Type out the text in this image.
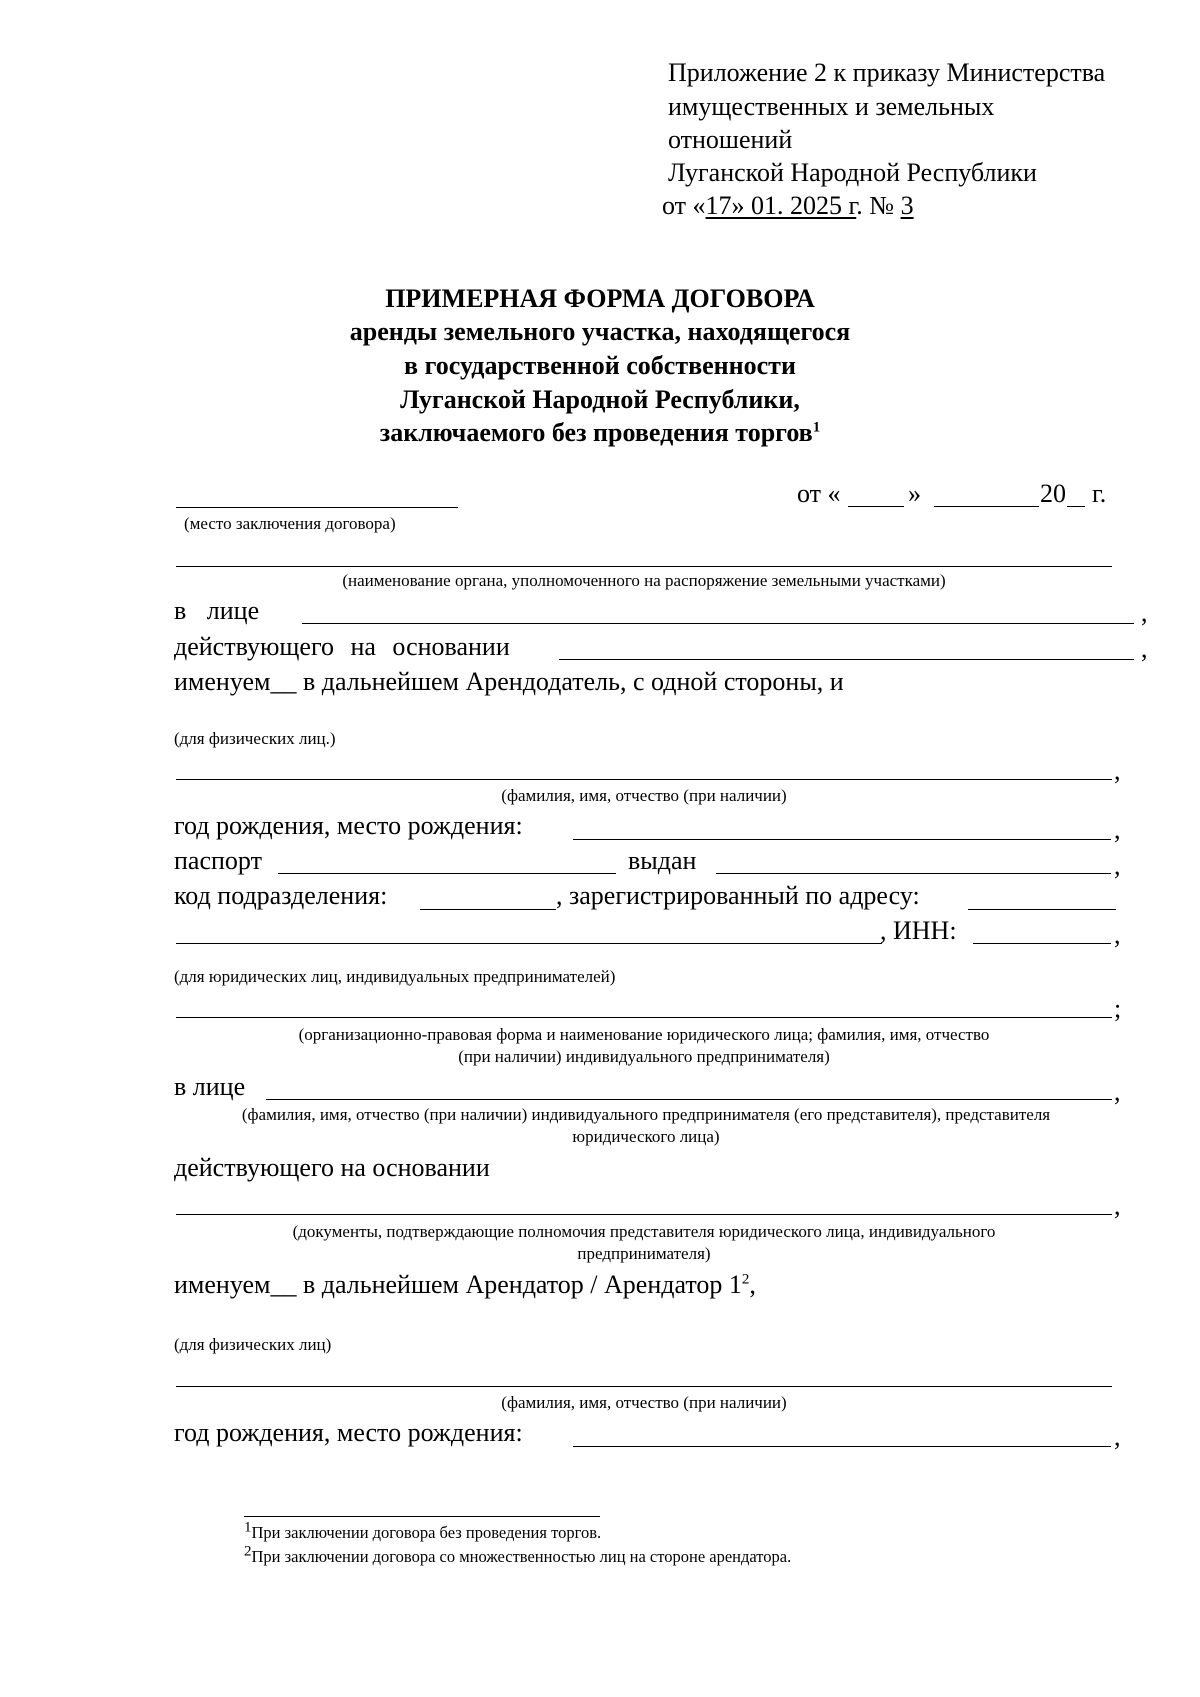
Приложение 2 к приказу Министерства
имущественных и земельных
отношений
Луганской Народной Республики
от «17» 01. 2025 г. № 3
ПРИМЕРНАЯ ФОРМА ДОГОВОРА
аренды земельного участка, находящегося
в государственной собственности
Луганской Народной Республики,
заключаемого без проведения торгов$^1$
(место заключения договора)
от «	»	20 г.
(наименование органа, уполномоченного на распоряжение земельными участками)
в лице	,
действующего на основании	,
именуем__ в дальнейшем Арендодатель, с одной стороны, и
(для физических лиц.)
,
(фамилия, имя, отчество (при наличии)
год рождения, место рождения:	,
паспорт	выдан	,
код подразделения:	, зарегистрированный по адресу:
, ИНН:	,
(для юридических лиц, индивидуальных предпринимателей)
;
(организационно-правовая форма и наименование юридического лица; фамилия, имя, отчество
(при наличии) индивидуального предпринимателя)
в лице	,
(фамилия, имя, отчество (при наличии) индивидуального предпринимателя (его представителя), представителя
юридического лица)
действующего на основании
,
(документы, подтверждающие полномочия представителя юридического лица, индивидуального
предпринимателя)
именуем__ в дальнейшем Арендатор / Арендатор $1^2$,
(для физических лиц)
(фамилия, имя, отчество (при наличии)
год рождения, место рождения:	,
$^1$При заключении договора без проведения торгов.
$^2$При заключении договора со множественностью лиц на стороне арендатора.
